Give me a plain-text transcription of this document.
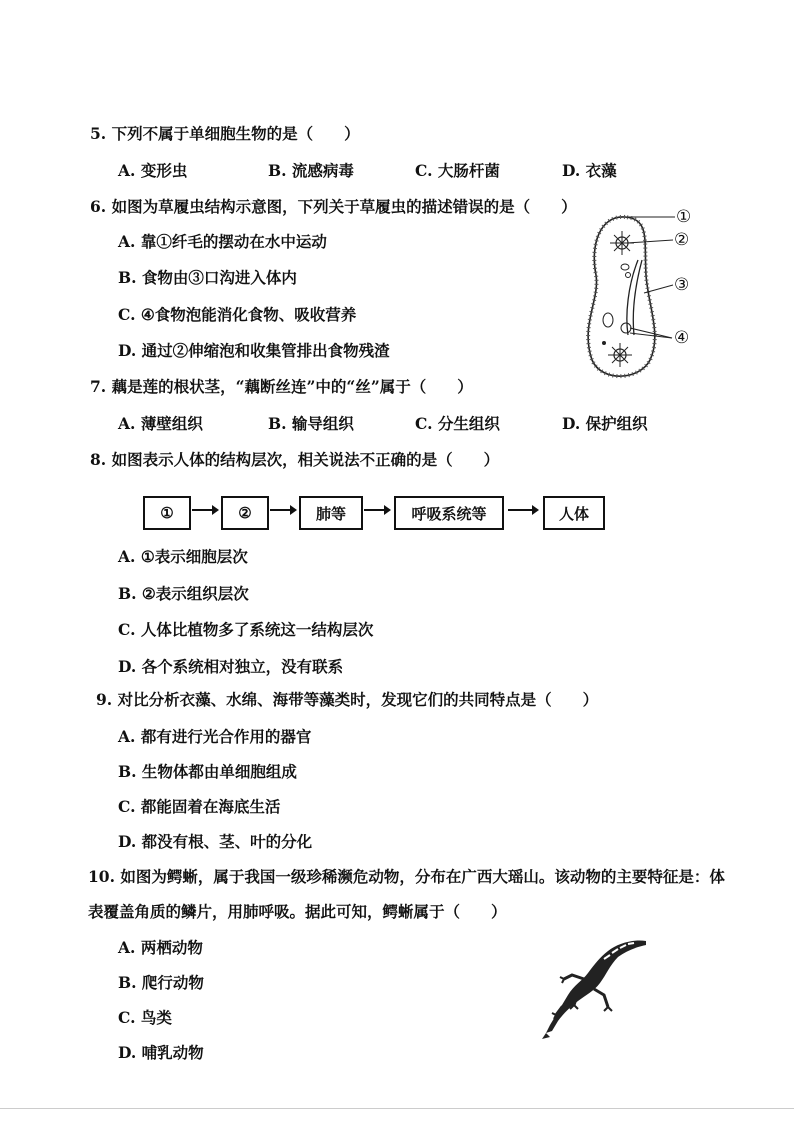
5. 下列不属于单细胞生物的是（　　）
A. 变形虫	B. 流感病毒	C. 大肠杆菌	D. 衣藻
6. 如图为草履虫结构示意图，下列关于草履虫的描述错误的是（　　）
A. 靠①纤毛的摆动在水中运动
B. 食物由③口沟进入体内
C. ④食物泡能消化食物、吸收营养
D. 通过②伸缩泡和收集管排出食物残渣
①
②
③
④
7. 藕是莲的根状茎，“藕断丝连”中的“丝”属于（　　）
A. 薄壁组织	B. 输导组织	C. 分生组织	D. 保护组织
8. 如图表示人体的结构层次，相关说法不正确的是（　　）
①	②	肺等	呼吸系统等	人体
A. ①表示细胞层次
B. ②表示组织层次
C. 人体比植物多了系统这一结构层次
D. 各个系统相对独立，没有联系
9. 对比分析衣藻、水绵、海带等藻类时，发现它们的共同特点是（　　）
A. 都有进行光合作用的器官
B. 生物体都由单细胞组成
C. 都能固着在海底生活
D. 都没有根、茎、叶的分化
10. 如图为鳄蜥，属于我国一级珍稀濒危动物，分布在广西大瑶山。该动物的主要特征是：体
表覆盖角质的鳞片，用肺呼吸。据此可知，鳄蜥属于（　　）
A. 两栖动物
B. 爬行动物
C. 鸟类
D. 哺乳动物
